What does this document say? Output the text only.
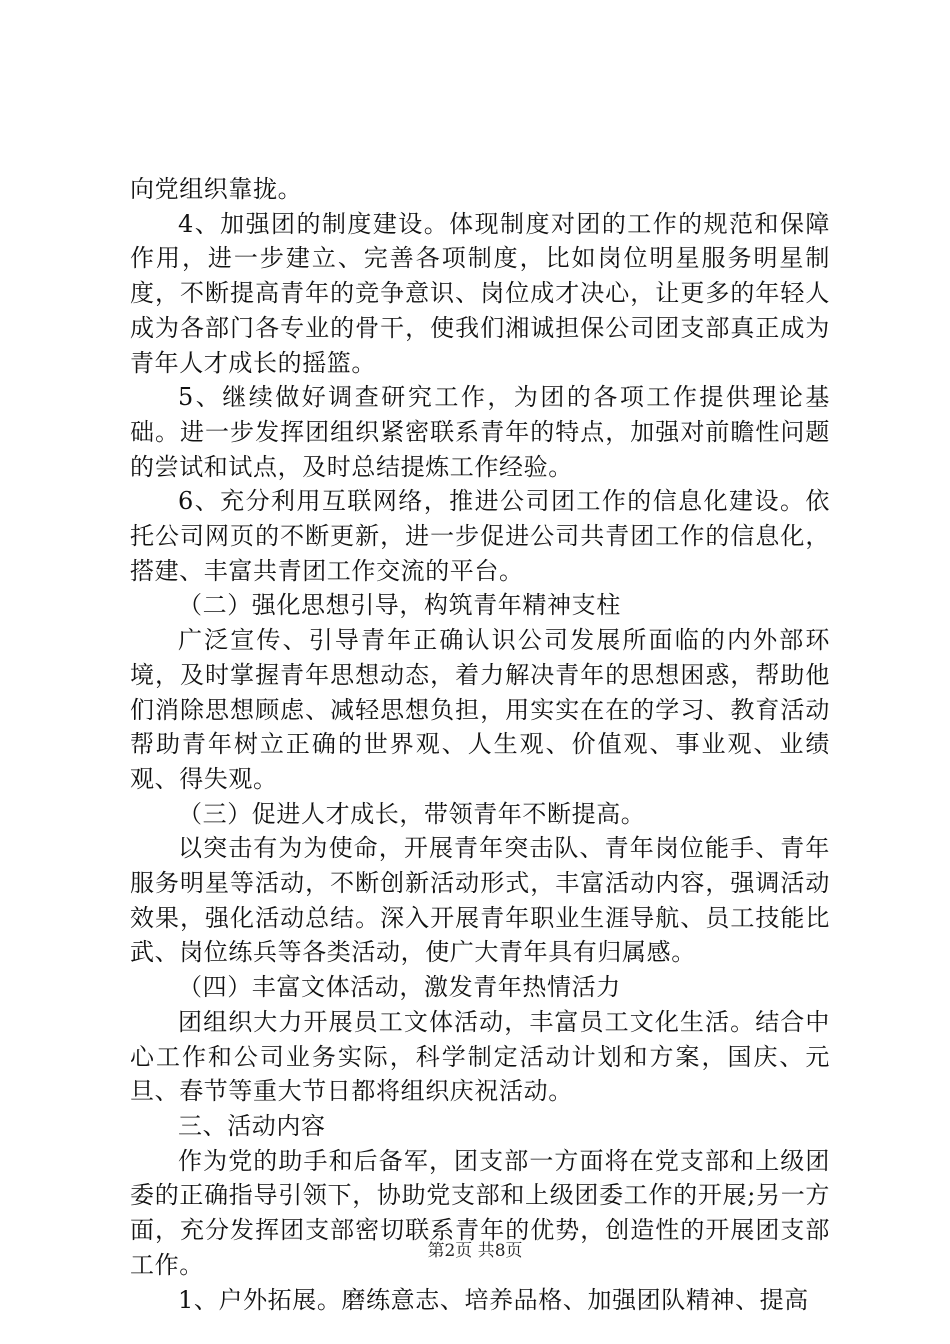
向党组织靠拢。

4、加强团的制度建设。体现制度对团的工作的规范和保障作用，进一步建立、完善各项制度，比如岗位明星服务明星制度，不断提高青年的竞争意识、岗位成才决心，让更多的年轻人成为各部门各专业的骨干，使我们湘诚担保公司团支部真正成为青年人才成长的摇篮。

5、继续做好调查研究工作，为团的各项工作提供理论基础。进一步发挥团组织紧密联系青年的特点，加强对前瞻性问题的尝试和试点，及时总结提炼工作经验。

6、充分利用互联网络，推进公司团工作的信息化建设。依托公司网页的不断更新，进一步促进公司共青团工作的信息化，搭建、丰富共青团工作交流的平台。

（二）强化思想引导，构筑青年精神支柱

广泛宣传、引导青年正确认识公司发展所面临的内外部环境，及时掌握青年思想动态，着力解决青年的思想困惑，帮助他们消除思想顾虑、减轻思想负担，用实实在在的学习、教育活动帮助青年树立正确的世界观、人生观、价值观、事业观、业绩观、得失观。

（三）促进人才成长，带领青年不断提高。

以突击有为为使命，开展青年突击队、青年岗位能手、青年服务明星等活动，不断创新活动形式，丰富活动内容，强调活动效果，强化活动总结。深入开展青年职业生涯导航、员工技能比武、岗位练兵等各类活动，使广大青年具有归属感。

（四）丰富文体活动，激发青年热情活力

团组织大力开展员工文体活动，丰富员工文化生活。结合中心工作和公司业务实际，科学制定活动计划和方案，国庆、元旦、春节等重大节日都将组织庆祝活动。

三、活动内容

作为党的助手和后备军，团支部一方面将在党支部和上级团委的正确指导引领下，协助党支部和上级团委工作的开展;另一方面，充分发挥团支部密切联系青年的优势，创造性的开展团支部工作。

1、户外拓展。磨练意志、培养品格、加强团队精神、提高

第2页 共8页
